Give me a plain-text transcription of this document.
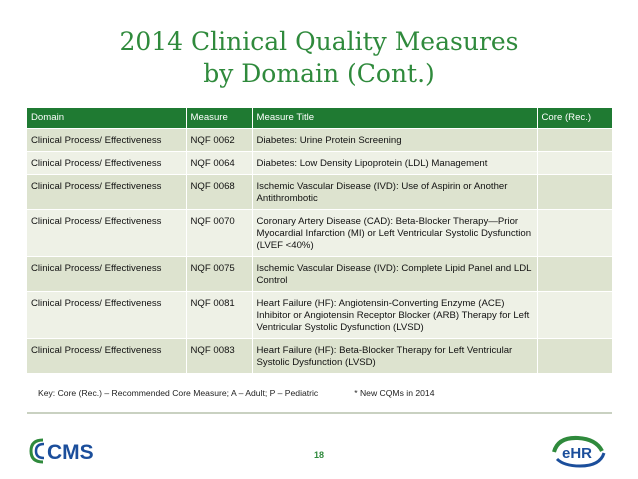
2014 Clinical Quality Measures
by Domain (Cont.)
Domain	Measure	Measure Title	Core (Rec.)
Clinical Process/ Effectiveness	NQF 0062	Diabetes: Urine Protein Screening	
Clinical Process/ Effectiveness	NQF 0064	Diabetes: Low Density Lipoprotein (LDL) Management	
Clinical Process/ Effectiveness	NQF 0068	Ischemic Vascular Disease (IVD): Use of Aspirin or Another Antithrombotic	
Clinical Process/ Effectiveness	NQF 0070	Coronary Artery Disease (CAD): Beta-Blocker Therapy—Prior Myocardial Infarction (MI) or Left Ventricular Systolic Dysfunction (LVEF <40%)	
Clinical Process/ Effectiveness	NQF 0075	Ischemic Vascular Disease (IVD): Complete Lipid Panel and LDL Control	
Clinical Process/ Effectiveness	NQF 0081	Heart Failure (HF): Angiotensin-Converting Enzyme (ACE) Inhibitor or Angiotensin Receptor Blocker (ARB) Therapy for Left Ventricular Systolic Dysfunction (LVSD)	
Clinical Process/ Effectiveness	NQF 0083	Heart Failure (HF): Beta-Blocker Therapy for Left Ventricular Systolic Dysfunction (LVSD)	
Key: Core (Rec.) – Recommended Core Measure; A – Adult; P – Pediatric	* New CQMs in 2014
CMS	18	eHR
